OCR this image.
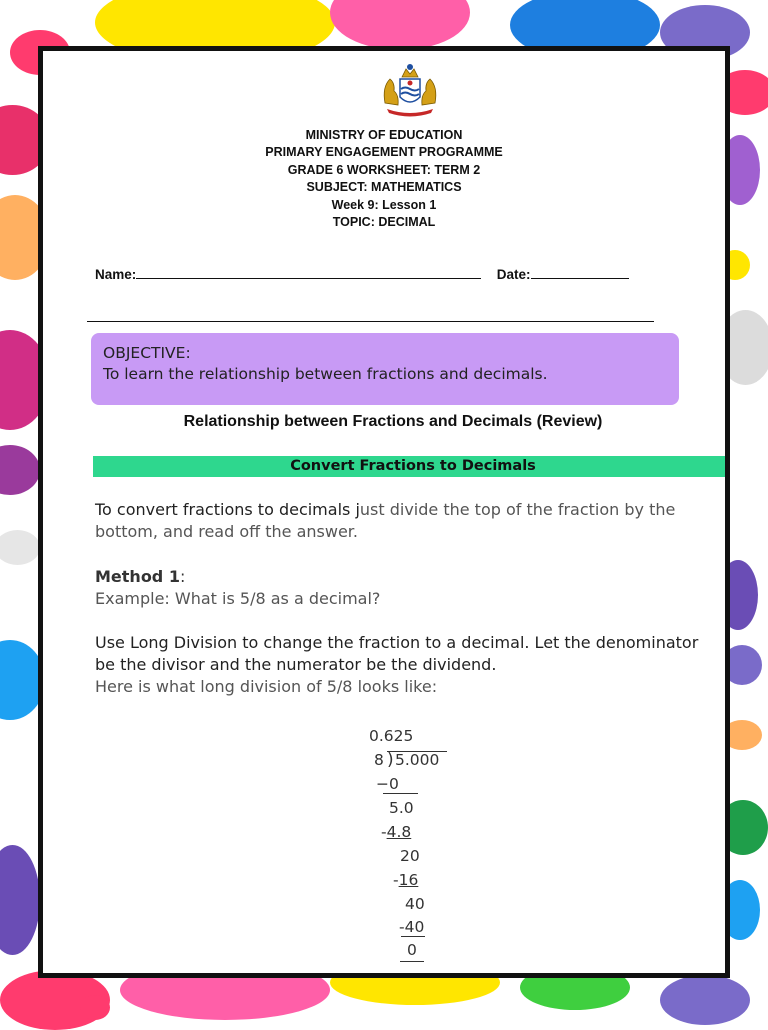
MINISTRY OF EDUCATION
PRIMARY ENGAGEMENT PROGRAMME
GRADE 6 WORKSHEET: TERM 2
SUBJECT: MATHEMATICS
Week 9: Lesson 1
TOPIC: DECIMAL
Name:	Date:
OBJECTIVE:
To learn the relationship between fractions and decimals.
Relationship between Fractions and Decimals (Review)
Convert Fractions to Decimals
To convert fractions to decimals just divide the top of the fraction by the bottom, and read off the answer.
Method 1:
Example: What is 5/8 as a decimal?
Use Long Division to change the fraction to a decimal. Let the denominator be the divisor and the numerator be the dividend.
Here is what long division of 5/8 looks like:
0.625
8 ) 5.000
−0
5.0
-4.8
20
-16
40
-40
0
